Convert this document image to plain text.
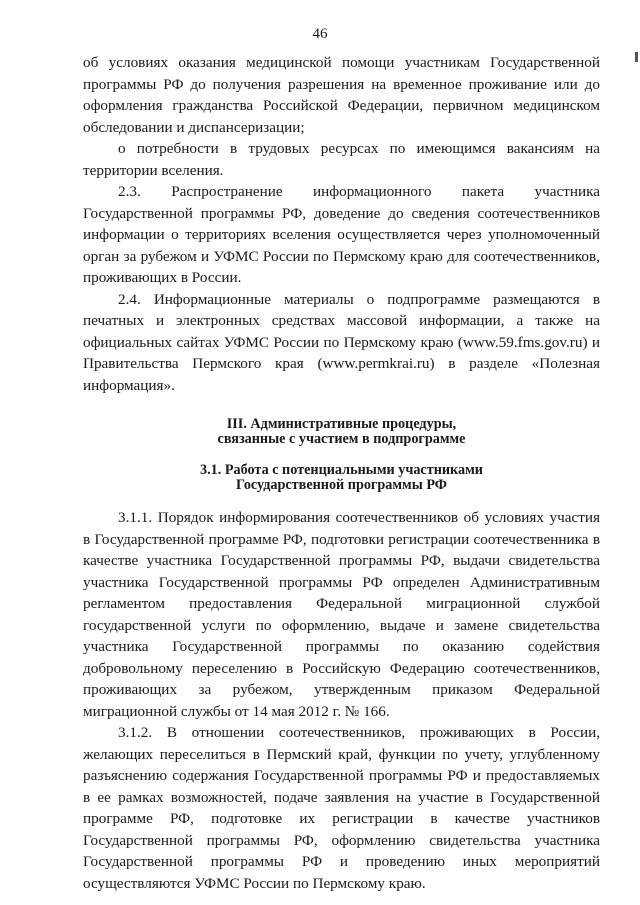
46

об условиях оказания медицинской помощи участникам Государственной программы РФ до получения разрешения на временное проживание или до оформления гражданства Российской Федерации, первичном медицинском обследовании и диспансеризации;

о потребности в трудовых ресурсах по имеющимся вакансиям на территории вселения.

2.3. Распространение информационного пакета участника Государственной программы РФ, доведение до сведения соотечественников информации о территориях вселения осуществляется через уполномоченный орган за рубежом и УФМС России по Пермскому краю для соотечественников, проживающих в России.

2.4. Информационные материалы о подпрограмме размещаются в печатных и электронных средствах массовой информации, а также на официальных сайтах УФМС России по Пермскому краю (www.59.fms.gov.ru) и Правительства Пермского края (www.permkrai.ru) в разделе «Полезная информация».

III. Административные процедуры,
связанные с участием в подпрограмме
3.1. Работа с потенциальными участниками
Государственной программы РФ

3.1.1. Порядок информирования соотечественников об условиях участия в Государственной программе РФ, подготовки регистрации соотечественника в качестве участника Государственной программы РФ, выдачи свидетельства участника Государственной программы РФ определен Административным регламентом предоставления Федеральной миграционной службой государственной услуги по оформлению, выдаче и замене свидетельства участника Государственной программы по оказанию содействия добровольному переселению в Российскую Федерацию соотечественников, проживающих за рубежом, утвержденным приказом Федеральной миграционной службы от 14 мая 2012 г. № 166.

3.1.2. В отношении соотечественников, проживающих в России, желающих переселиться в Пермский край, функции по учету, углубленному разъяснению содержания Государственной программы РФ и предоставляемых в ее рамках возможностей, подаче заявления на участие в Государственной программе РФ, подготовке их регистрации в качестве участников Государственной программы РФ, оформлению свидетельства участника Государственной программы РФ и проведению иных мероприятий осуществляются УФМС России по Пермскому краю.
